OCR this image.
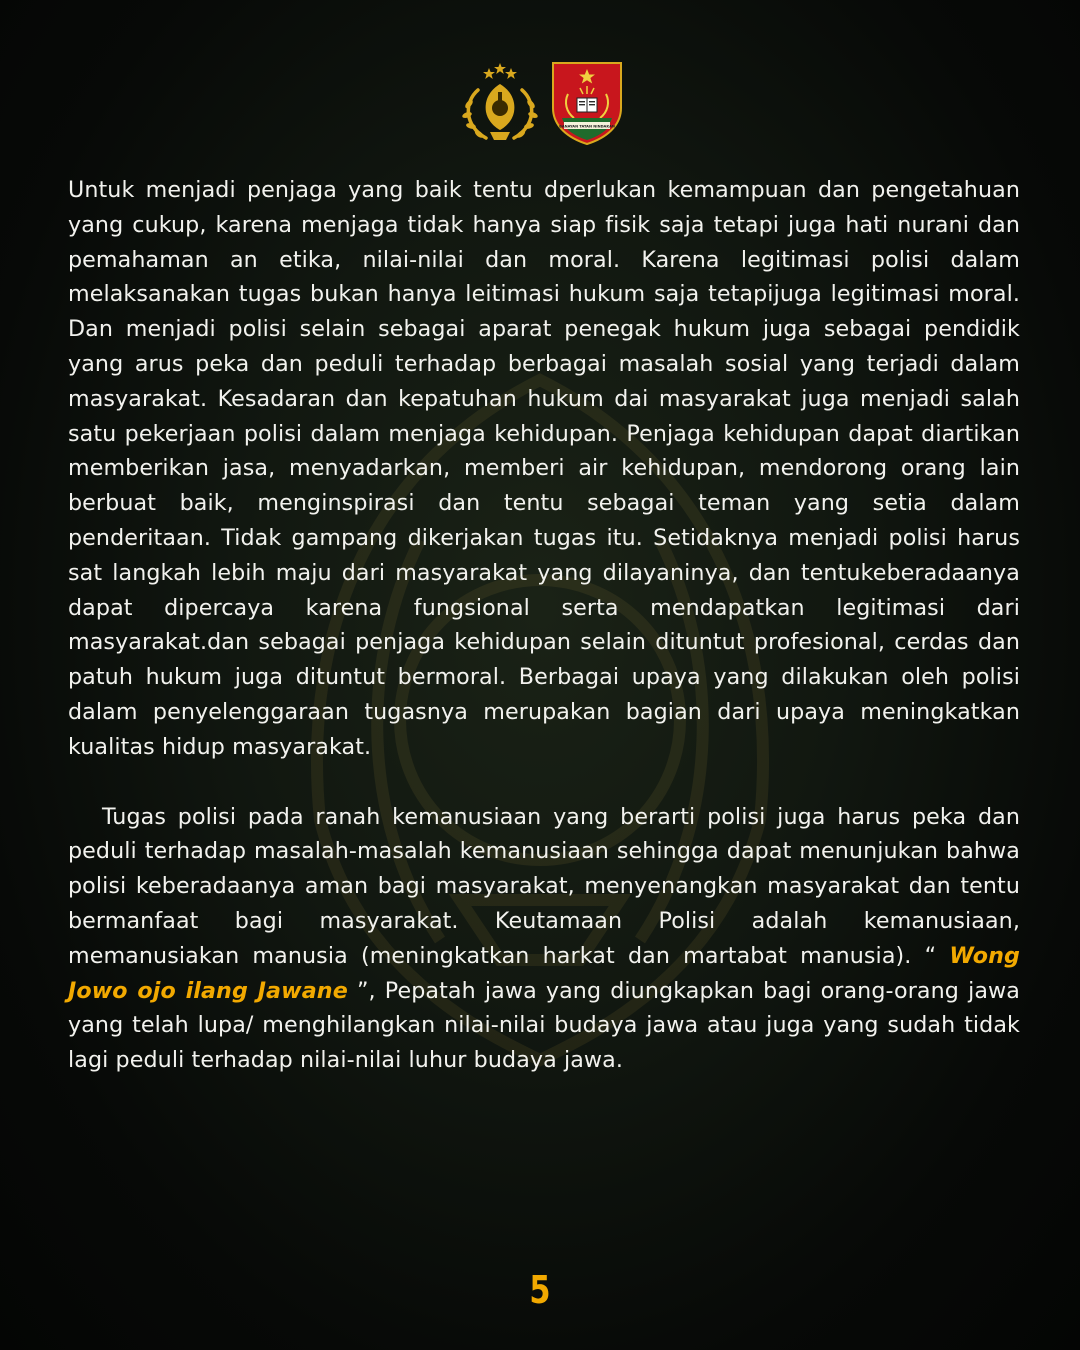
BANAYAN TATAN NINDAKAN

Untuk menjadi penjaga yang baik tentu dperlukan kemampuan dan pengetahuan yang cukup, karena menjaga tidak hanya siap fisik saja tetapi juga hati nurani dan pemahaman an etika, nilai-nilai dan moral. Karena legitimasi polisi dalam melaksanakan tugas bukan hanya leitimasi hukum saja tetapijuga legitimasi moral. Dan menjadi polisi selain sebagai aparat penegak hukum juga sebagai pendidik yang arus peka dan peduli terhadap berbagai masalah sosial yang terjadi dalam masyarakat. Kesadaran dan kepatuhan hukum dai masyarakat juga menjadi salah satu pekerjaan polisi dalam menjaga kehidupan. Penjaga kehidupan dapat diartikan memberikan jasa, menyadarkan, memberi air kehidupan, mendorong orang lain berbuat baik, menginspirasi dan tentu sebagai teman yang setia dalam penderitaan. Tidak gampang dikerjakan tugas itu. Setidaknya menjadi polisi harus sat langkah lebih maju dari masyarakat yang dilayaninya, dan tentukeberadaanya dapat dipercaya karena fungsional serta mendapatkan legitimasi dari masyarakat.dan sebagai penjaga kehidupan selain dituntut profesional, cerdas dan patuh hukum juga dituntut bermoral. Berbagai upaya yang dilakukan oleh polisi dalam penyelenggaraan tugasnya merupakan bagian dari upaya meningkatkan kualitas hidup masyarakat.

Tugas polisi pada ranah kemanusiaan yang berarti polisi juga harus peka dan peduli terhadap masalah-masalah kemanusiaan sehingga dapat menunjukan bahwa polisi keberadaanya aman bagi masyarakat, menyenangkan masyarakat dan tentu bermanfaat bagi masyarakat. Keutamaan Polisi adalah kemanusiaan, memanusiakan manusia (meningkatkan harkat dan martabat manusia). “ Wong Jowo ojo ilang Jawane ”, Pepatah jawa yang diungkapkan bagi orang-orang jawa yang telah lupa/ menghilangkan nilai-nilai budaya jawa atau juga yang sudah tidak lagi peduli terhadap nilai-nilai luhur budaya jawa.

5
